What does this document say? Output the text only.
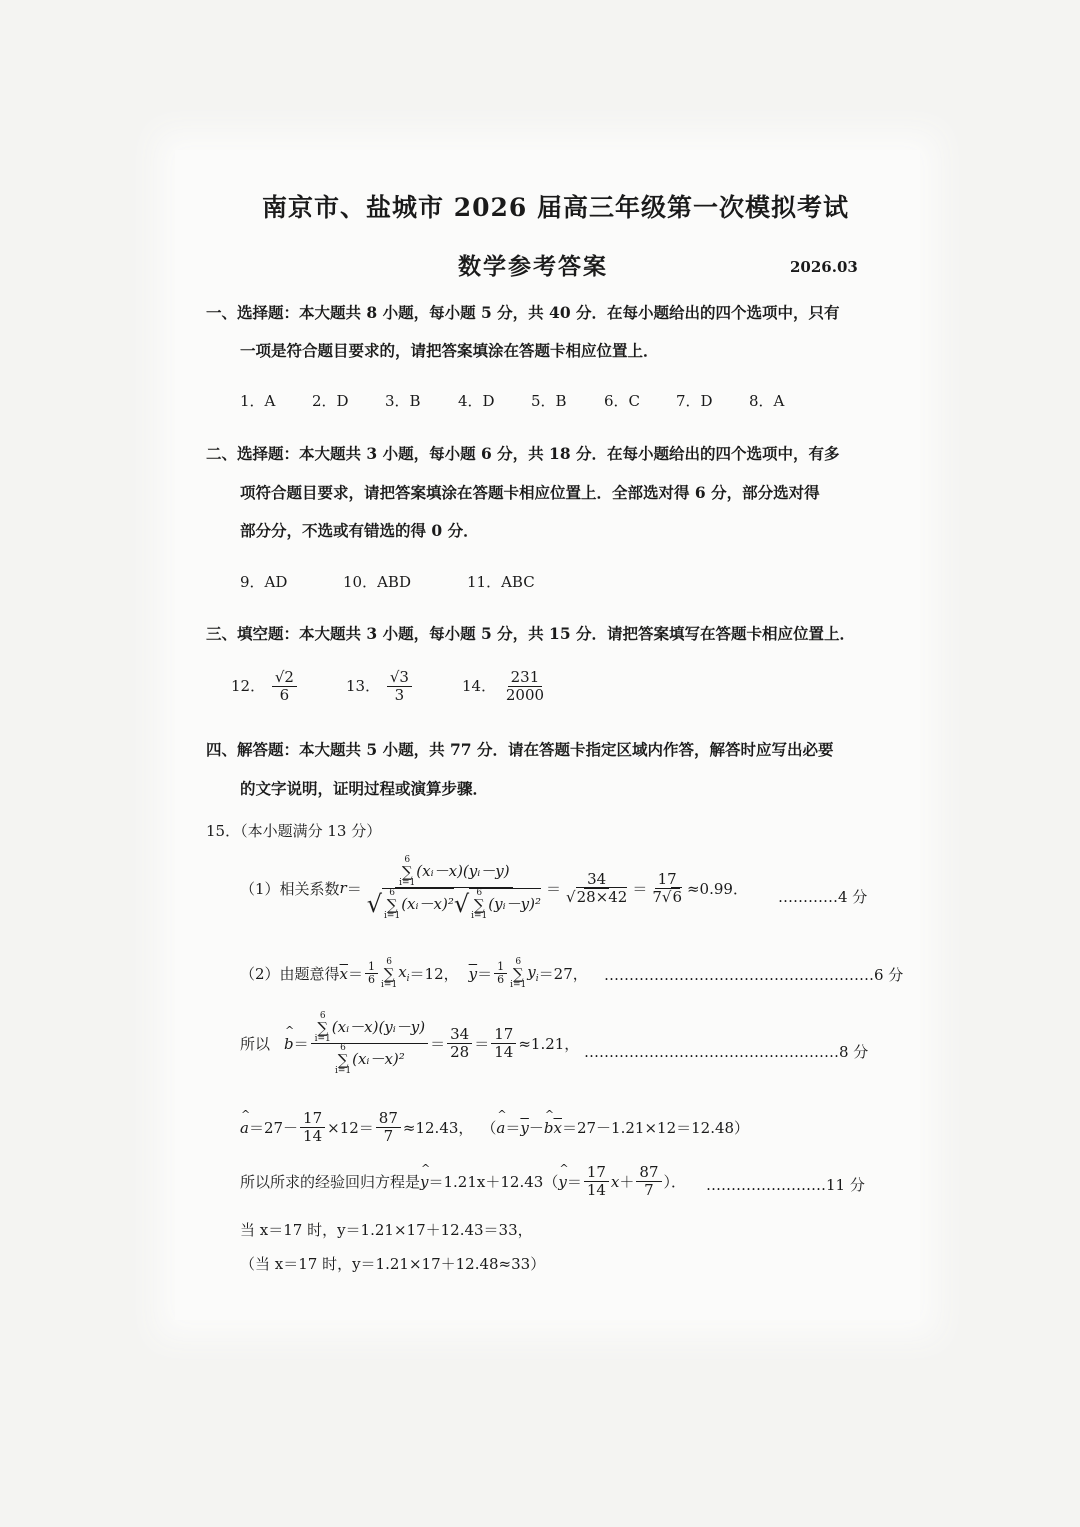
南京市、盐城市 2026 届高三年级第一次模拟考试
数学参考答案	2026.03
一、选择题：本大题共 8 小题，每小题 5 分，共 40 分．在每小题给出的四个选项中，只有
一项是符合题目要求的，请把答案填涂在答题卡相应位置上．
1．A	2．D	3．B	4．D	5．B	6．C	7．D	8．A
二、选择题：本大题共 3 小题，每小题 6 分，共 18 分．在每小题给出的四个选项中，有多
项符合题目要求，请把答案填涂在答题卡相应位置上．全部选对得 6 分，部分选对得
部分分，不选或有错选的得 0 分．
9．AD	10．ABD	11．ABC
三、填空题：本大题共 3 小题，每小题 5 分，共 15 分．请把答案填写在答题卡相应位置上．
12． $\frac{√2}{6}$	13． $\frac{√3}{3}$	14． $\frac{231}{2000}$
四、解答题：本大题共 5 小题，共 77 分．请在答题卡指定区域内作答，解答时应写出必要
的文字说明，证明过程或演算步骤．
15．（本小题满分 13 分）
（1）相关系数 r ＝
6
∑
i=1
(xᵢ－x)(yᵢ－y)
√ 6
∑
i=1
(xᵢ－x)² √ 6
∑
i=1
(yᵢ－y)²
＝ $\frac{34}{√28\times 42} = \frac{17}{7√6} \approx 0.99$． …………4 分
（2）由题意得 $\overline{x} = \frac{1}{6} 6$
∑
i=1
$x_i =12$， $\overline{y} = \frac{1}{6} 6$
∑
i=1
$y_i =27$， ………………………………………………6 分
所以 ^ b ＝ 6
∑
i=1
(xᵢ－x)(yᵢ－y)
6
∑
i=1
(xᵢ－x)² ＝ $\frac{34}{28} = \frac{17}{14} \approx 1.21$， ……………………………………………8 分
^ $a =27- \frac{17}{14} \times 12= \frac{87}{7} \approx 12.43$， （ ^ $a = \overline{y}$ － ^ b $\overline{x} =27-1.21\times 12=12.48$）
所以所求的经验回归方程是 ^ y ＝1.21x＋12.43 （ ^ $y = \frac{17}{14}$ $x + \frac{87}{7}$ ）． ……………………11 分
当 x＝17 时，y＝1.21×17＋12.43＝33，
（当 x＝17 时，y＝1.21×17＋12.48≈33）
